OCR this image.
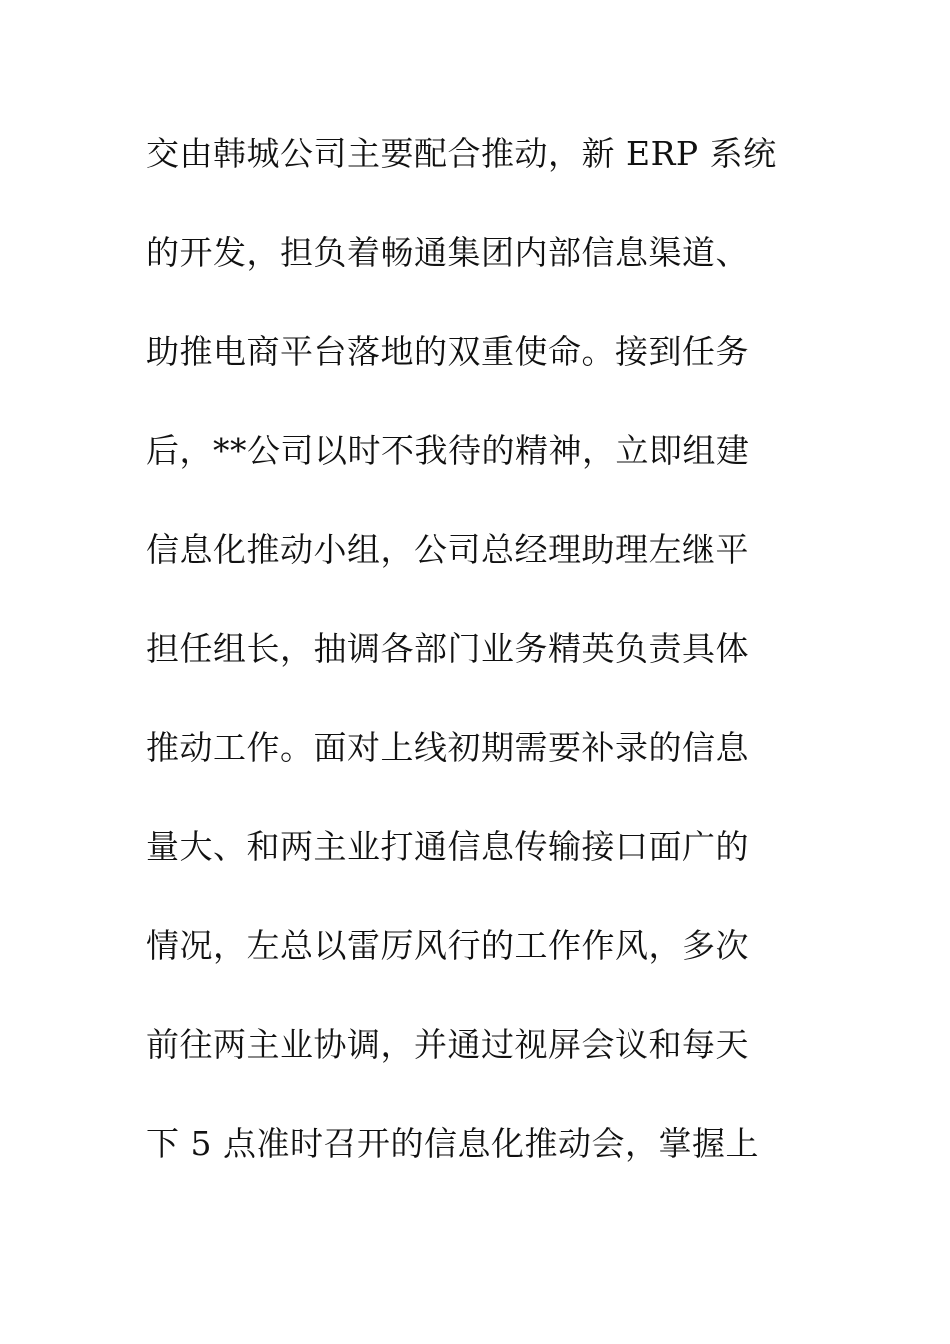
交由韩城公司主要配合推动，新 ERP 系统
的开发，担负着畅通集团内部信息渠道、
助推电商平台落地的双重使命。接到任务
后，**公司以时不我待的精神，立即组建
信息化推动小组，公司总经理助理左继平
担任组长，抽调各部门业务精英负责具体
推动工作。面对上线初期需要补录的信息
量大、和两主业打通信息传输接口面广的
情况，左总以雷厉风行的工作作风，多次
前往两主业协调，并通过视屏会议和每天
下 5 点准时召开的信息化推动会，掌握上
